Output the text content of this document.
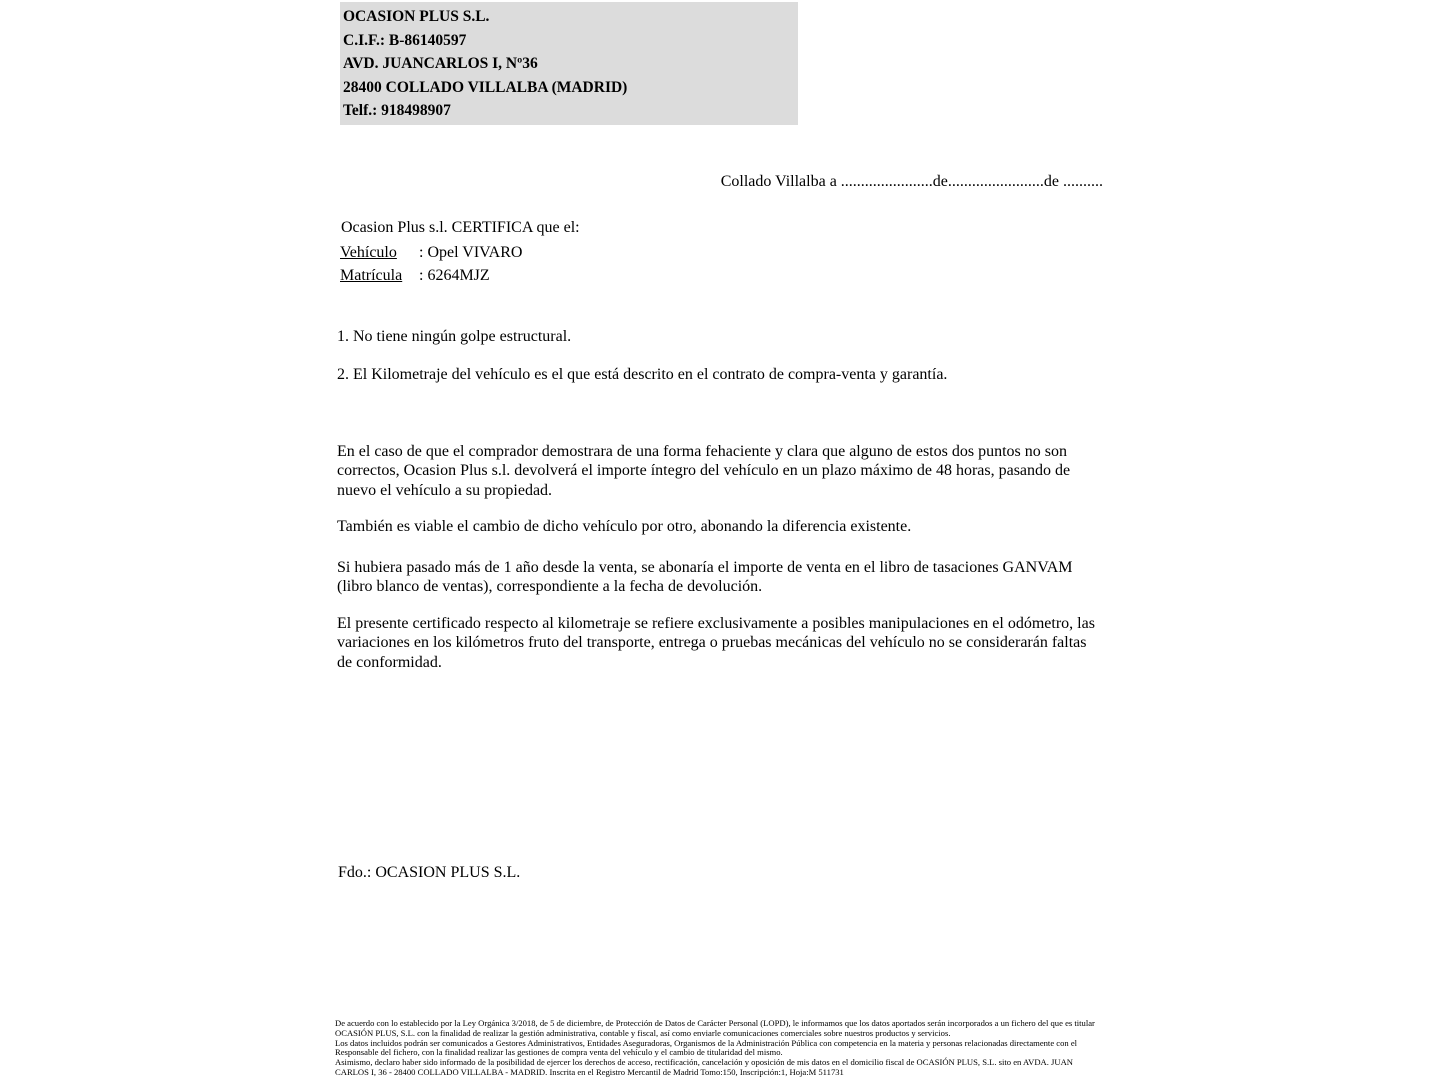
OCASION PLUS S.L.
C.I.F.: B-86140597
AVD. JUANCARLOS I, Nº36
28400 COLLADO VILLALBA (MADRID)
Telf.: 918498907
Collado Villalba a .......................de........................de ..........
Ocasion Plus s.l. CERTIFICA que el:
Vehículo : Opel VIVARO
Matrícula : 6264MJZ
1. No tiene ningún golpe estructural.
2. El Kilometraje del vehículo es el que está descrito en el contrato de compra-venta y garantía.
En el caso de que el comprador demostrara de una forma fehaciente y clara que alguno de estos dos puntos no son correctos, Ocasion Plus s.l. devolverá el importe íntegro del vehículo en un plazo máximo de 48 horas, pasando de nuevo el vehículo a su propiedad.
También es viable el cambio de dicho vehículo por otro, abonando la diferencia existente.
Si hubiera pasado más de 1 año desde la venta, se abonaría el importe de venta en el libro de tasaciones GANVAM (libro blanco de ventas), correspondiente a la fecha de devolución.
El presente certificado respecto al kilometraje se refiere exclusivamente a posibles manipulaciones en el odómetro, las variaciones en los kilómetros fruto del transporte, entrega o pruebas mecánicas del vehículo no se considerarán faltas de conformidad.
Fdo.: OCASION PLUS S.L.
De acuerdo con lo establecido por la Ley Orgánica 3/2018, de 5 de diciembre, de Protección de Datos de Carácter Personal (LOPD), le informamos que los datos aportados serán incorporados a un fichero del que es titular OCASIÓN PLUS, S.L. con la finalidad de realizar la gestión administrativa, contable y fiscal, así como enviarle comunicaciones comerciales sobre nuestros productos y servicios.
Los datos incluidos podrán ser comunicados a Gestores Administrativos, Entidades Aseguradoras, Organismos de la Administración Pública con competencia en la materia y personas relacionadas directamente con el Responsable del fichero, con la finalidad realizar las gestiones de compra venta del vehículo y el cambio de titularidad del mismo.
Asimismo, declaro haber sido informado de la posibilidad de ejercer los derechos de acceso, rectificación, cancelación y oposición de mis datos en el domicilio fiscal de OCASIÓN PLUS, S.L. sito en AVDA. JUAN CARLOS I, 36 - 28400 COLLADO VILLALBA - MADRID. Inscrita en el Registro Mercantil de Madrid Tomo:150, Inscripción:1, Hoja:M 511731
